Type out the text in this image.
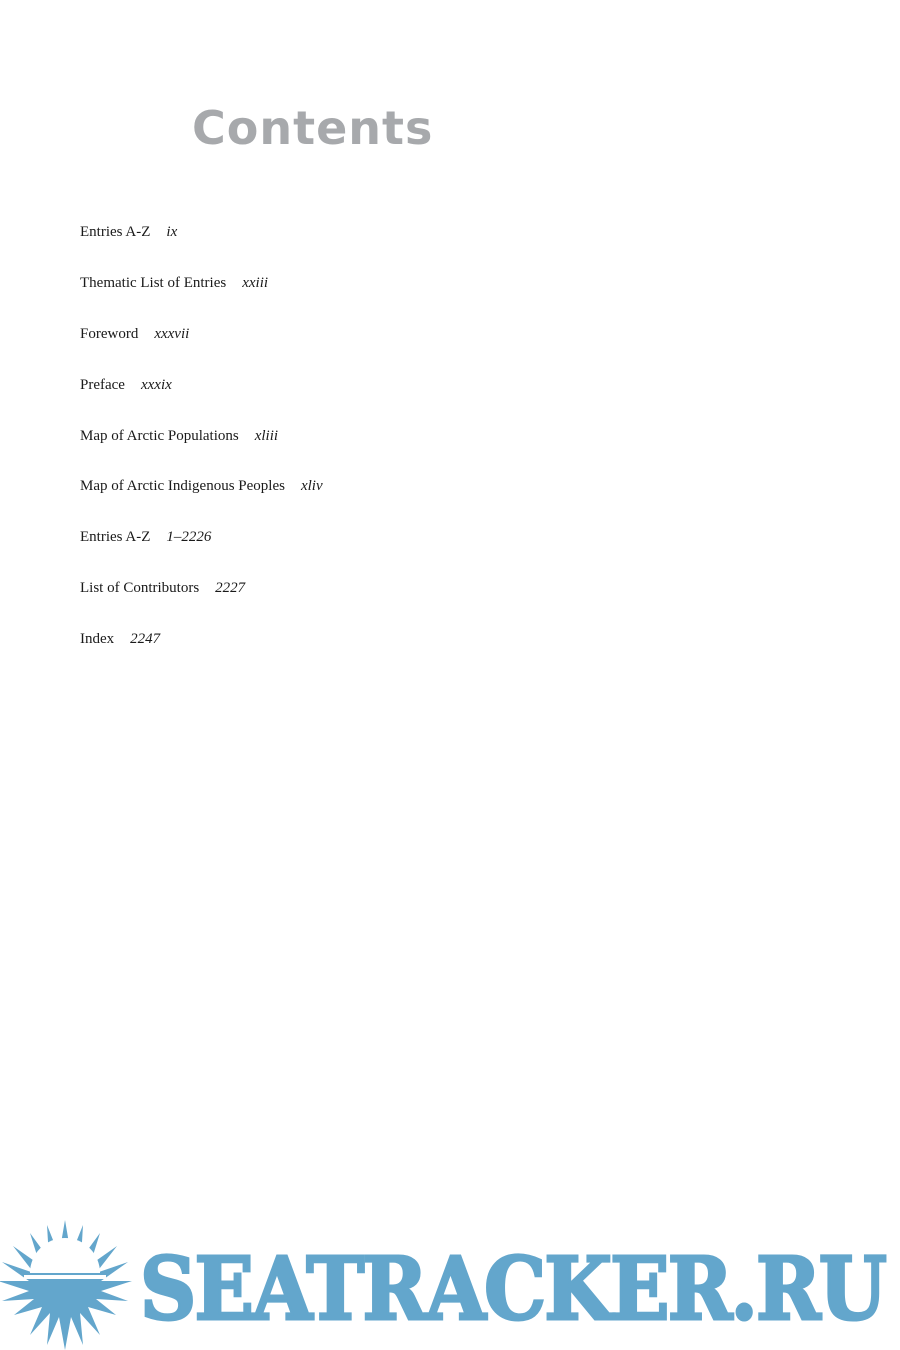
Contents
Entries A-Z ix
Thematic List of Entries xxiii
Foreword xxxvii
Preface xxxix
Map of Arctic Populations xliii
Map of Arctic Indigenous Peoples xliv
Entries A-Z 1–2226
List of Contributors 2227
Index 2247
SEATRACKER.RU
